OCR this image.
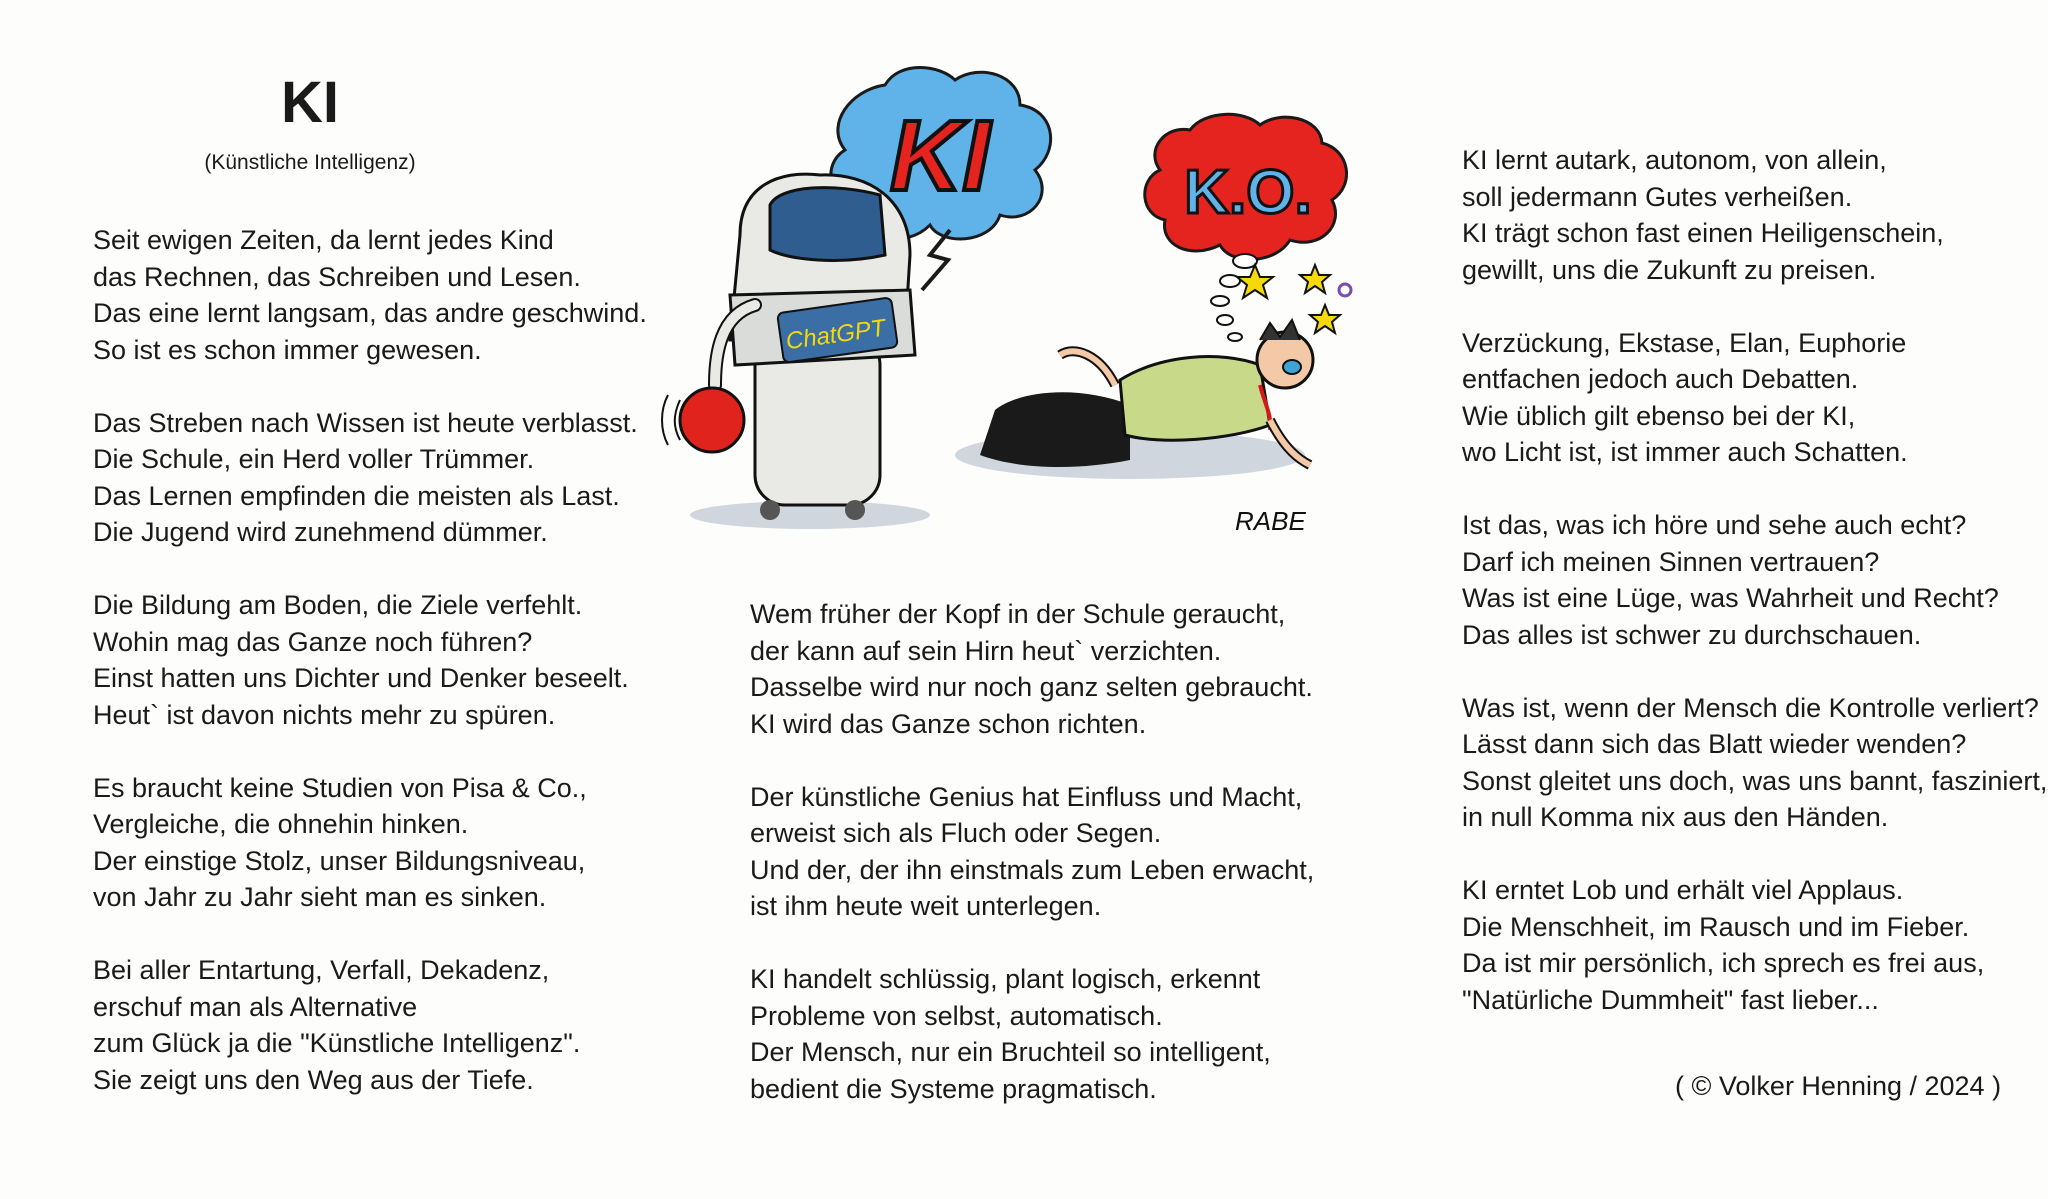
KI
(Künstliche Intelligenz)
Seit ewigen Zeiten, da lernt jedes Kind
das Rechnen, das Schreiben und Lesen.
Das eine lernt langsam, das andre geschwind.
So ist es schon immer gewesen.
Das Streben nach Wissen ist heute verblasst.
Die Schule, ein Herd voller Trümmer.
Das Lernen empfinden die meisten als Last.
Die Jugend wird zunehmend dümmer.
Die Bildung am Boden, die Ziele verfehlt.
Wohin mag das Ganze noch führen?
Einst hatten uns Dichter und Denker beseelt.
Heut` ist davon nichts mehr zu spüren.
Es braucht keine Studien von Pisa & Co.,
Vergleiche, die ohnehin hinken.
Der einstige Stolz, unser Bildungsniveau,
von Jahr zu Jahr sieht man es sinken.
Bei aller Entartung, Verfall, Dekadenz,
erschuf man als Alternative
zum Glück ja die "Künstliche Intelligenz".
Sie zeigt uns den Weg aus der Tiefe.
KI	K.O.
ChatGPT
RABE
Wem früher der Kopf in der Schule geraucht,
der kann auf sein Hirn heut` verzichten.
Dasselbe wird nur noch ganz selten gebraucht.
KI wird das Ganze schon richten.
Der künstliche Genius hat Einfluss und Macht,
erweist sich als Fluch oder Segen.
Und der, der ihn einstmals zum Leben erwacht,
ist ihm heute weit unterlegen.
KI handelt schlüssig, plant logisch, erkennt
Probleme von selbst, automatisch.
Der Mensch, nur ein Bruchteil so intelligent,
bedient die Systeme pragmatisch.
KI lernt autark, autonom, von allein,
soll jedermann Gutes verheißen.
KI trägt schon fast einen Heiligenschein,
gewillt, uns die Zukunft zu preisen.
Verzückung, Ekstase, Elan, Euphorie
entfachen jedoch auch Debatten.
Wie üblich gilt ebenso bei der KI,
wo Licht ist, ist immer auch Schatten.
Ist das, was ich höre und sehe auch echt?
Darf ich meinen Sinnen vertrauen?
Was ist eine Lüge, was Wahrheit und Recht?
Das alles ist schwer zu durchschauen.
Was ist, wenn der Mensch die Kontrolle verliert?
Lässt dann sich das Blatt wieder wenden?
Sonst gleitet uns doch, was uns bannt, fasziniert,
in null Komma nix aus den Händen.
KI erntet Lob und erhält viel Applaus.
Die Menschheit, im Rausch und im Fieber.
Da ist mir persönlich, ich sprech es frei aus,
"Natürliche Dummheit" fast lieber...
( © Volker Henning / 2024 )
